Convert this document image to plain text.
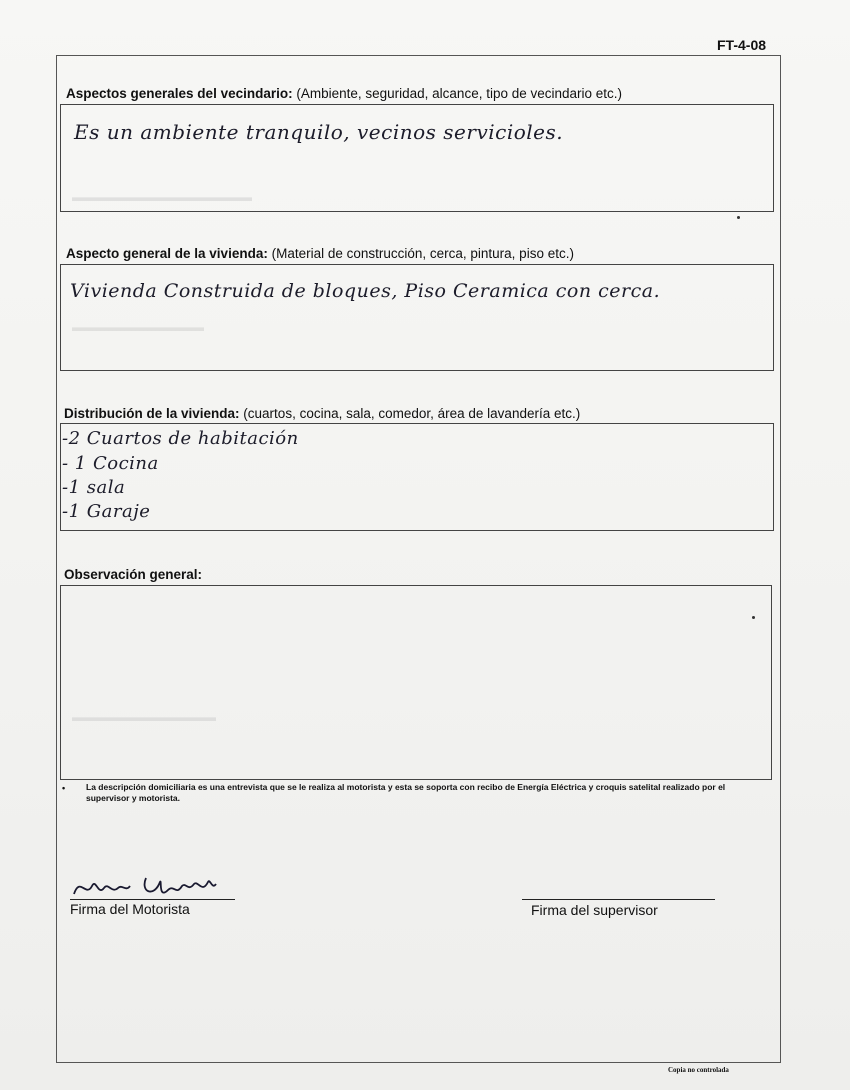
▬▬▬▬▬▬▬▬▬▬▬▬▬▬▬
▬▬▬▬▬▬▬▬▬▬▬
▬▬▬▬▬▬▬▬▬▬▬▬
FT-4-08
Aspectos generales del vecindario: (Ambiente, seguridad, alcance, tipo de vecindario etc.)
Es un ambiente tranquilo, vecinos servicioles.
Aspecto general de la vivienda: (Material de construcción, cerca, pintura, piso etc.)
Vivienda Construida de bloques, Piso Ceramica con cerca.
Distribución de la vivienda: (cuartos, cocina, sala, comedor, área de lavandería etc.)
-2 Cuartos de habitación
- 1 Cocina
-1 sala
-1 Garaje
Observación general:
• La descripción domiciliaria es una entrevista que se le realiza al motorista y esta se soporta con recibo de Energía Eléctrica y croquis satelital realizado por el supervisor y motorista.
Firma del Motorista	Firma del supervisor
Copia no controlada
